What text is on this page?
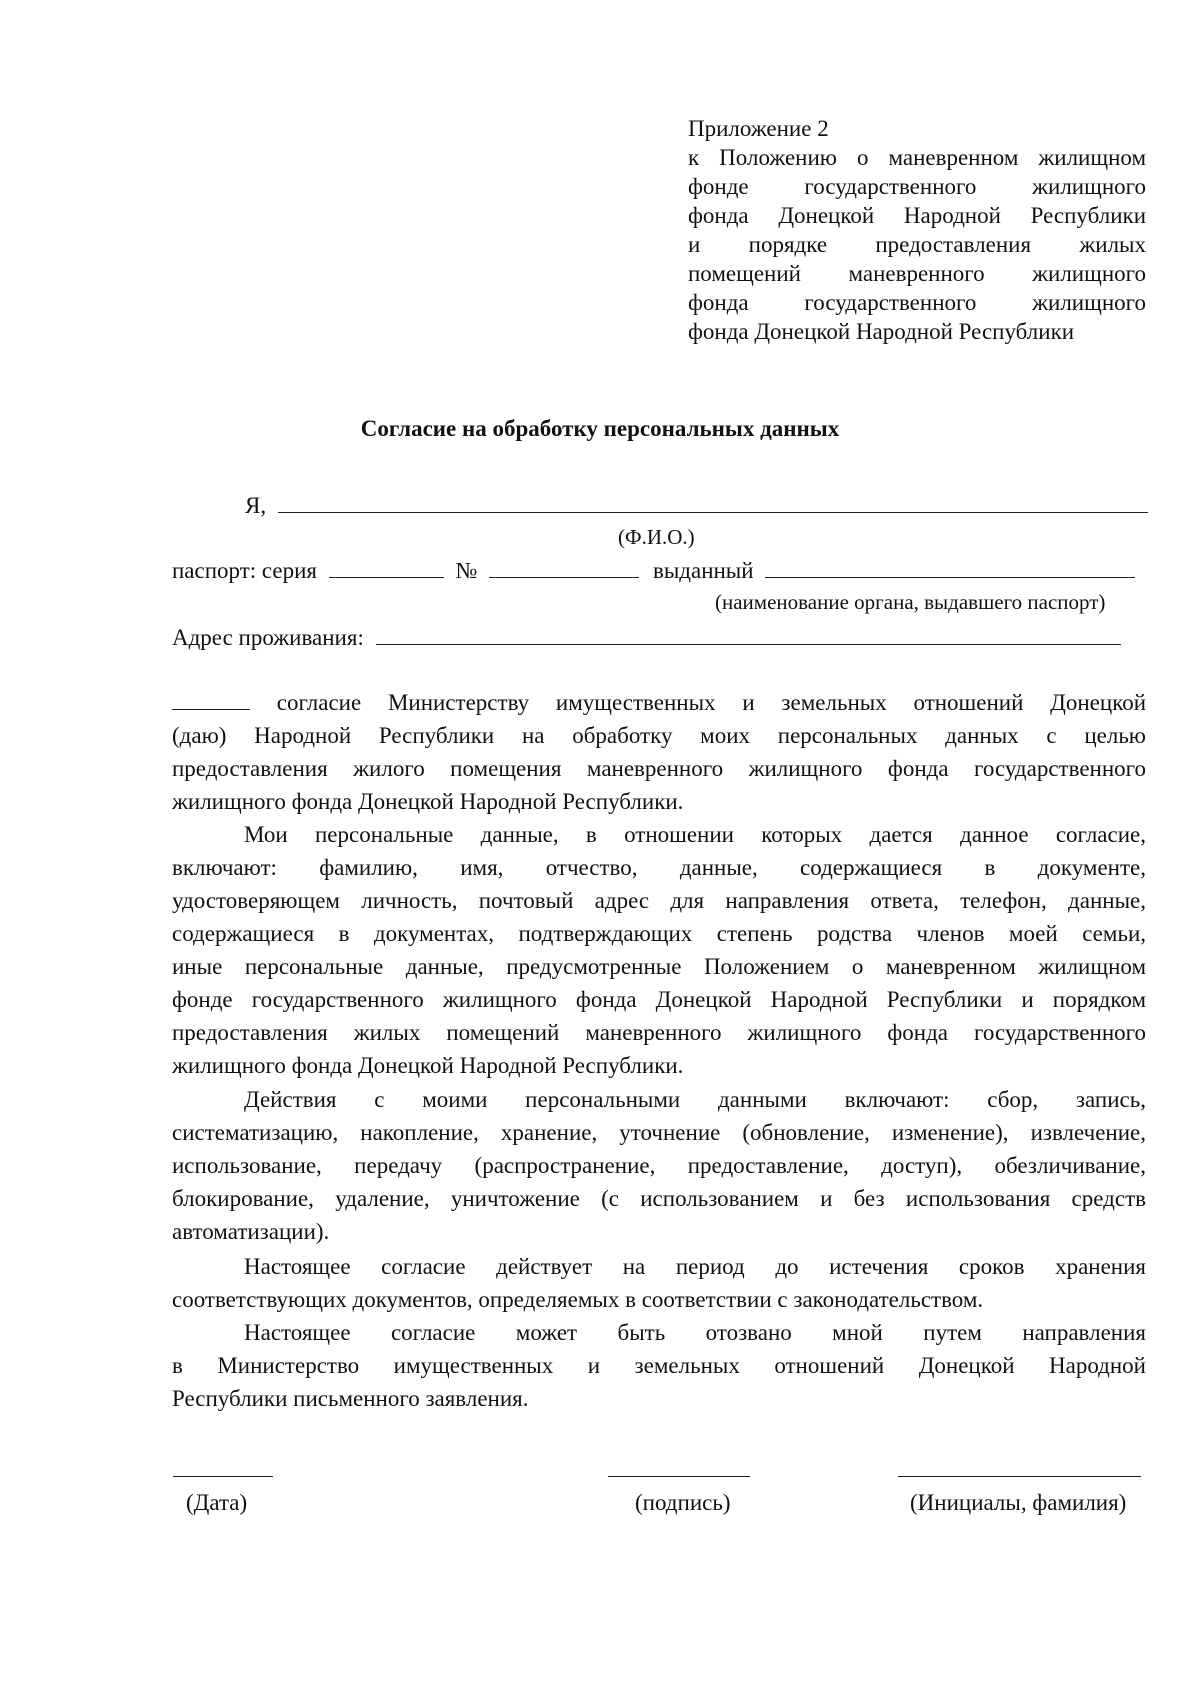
Приложение 2
к Положению о маневренном жилищном
фонде государственного жилищного
фонда Донецкой Народной Республики
и порядке предоставления жилых
помещений маневренного жилищного
фонда государственного жилищного
фонда Донецкой Народной Республики
Согласие на обработку персональных данных
Я,
(Ф.И.О.)
паспорт: серия	№	выданный
(наименование органа, выдавшего паспорт)
Адрес проживания:
согласие Министерству имущественных и земельных отношений Донецкой
(даю) Народной Республики на обработку моих персональных данных с целью
предоставления жилого помещения маневренного жилищного фонда государственного
жилищного фонда Донецкой Народной Республики.
Мои персональные данные, в отношении которых дается данное согласие,
включают: фамилию, имя, отчество, данные, содержащиеся в документе,
удостоверяющем личность, почтовый адрес для направления ответа, телефон, данные,
содержащиеся в документах, подтверждающих степень родства членов моей семьи,
иные персональные данные, предусмотренные Положением о маневренном жилищном
фонде государственного жилищного фонда Донецкой Народной Республики и порядком
предоставления жилых помещений маневренного жилищного фонда государственного
жилищного фонда Донецкой Народной Республики.
Действия с моими персональными данными включают: сбор, запись,
систематизацию, накопление, хранение, уточнение (обновление, изменение), извлечение,
использование, передачу (распространение, предоставление, доступ), обезличивание,
блокирование, удаление, уничтожение (с использованием и без использования средств
автоматизации).
Настоящее согласие действует на период до истечения сроков хранения
соответствующих документов, определяемых в соответствии с законодательством.
Настоящее согласие может быть отозвано мной путем направления
в Министерство имущественных и земельных отношений Донецкой Народной
Республики письменного заявления.
(Дата)	(подпись)	(Инициалы, фамилия)
